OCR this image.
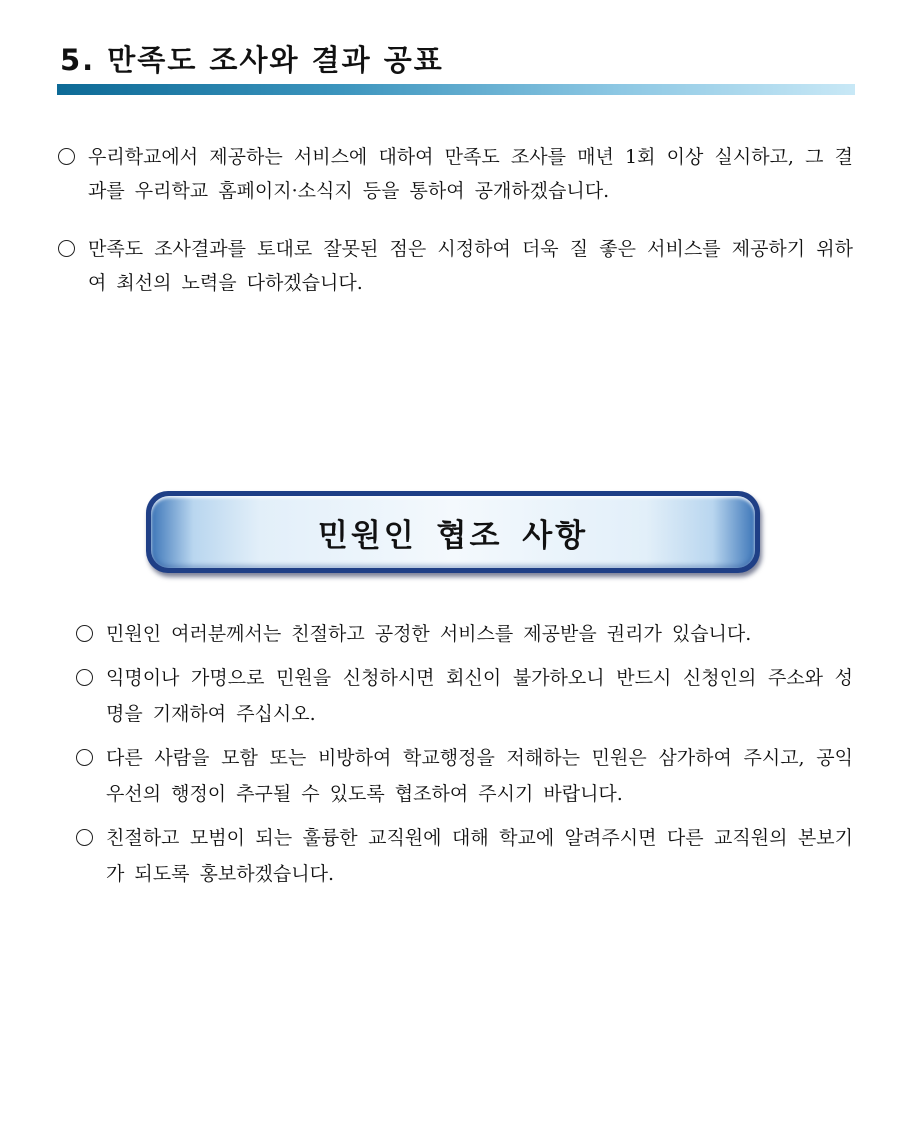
5. 만족도 조사와 결과 공표
우리학교에서 제공하는 서비스에 대하여 만족도 조사를 매년 1회 이상 실시하고, 그 결과를 우리학교 홈페이지·소식지 등을 통하여 공개하겠습니다.
만족도 조사결과를 토대로 잘못된 점은 시정하여 더욱 질 좋은 서비스를 제공하기 위하여 최선의 노력을 다하겠습니다.
민원인 협조 사항
민원인 여러분께서는 친절하고 공정한 서비스를 제공받을 권리가 있습니다.
익명이나 가명으로 민원을 신청하시면 회신이 불가하오니 반드시 신청인의 주소와 성명을 기재하여 주십시오.
다른 사람을 모함 또는 비방하여 학교행정을 저해하는 민원은 삼가하여 주시고, 공익 우선의 행정이 추구될 수 있도록 협조하여 주시기 바랍니다.
친절하고 모범이 되는 훌륭한 교직원에 대해 학교에 알려주시면 다른 교직원의 본보기가 되도록 홍보하겠습니다.
